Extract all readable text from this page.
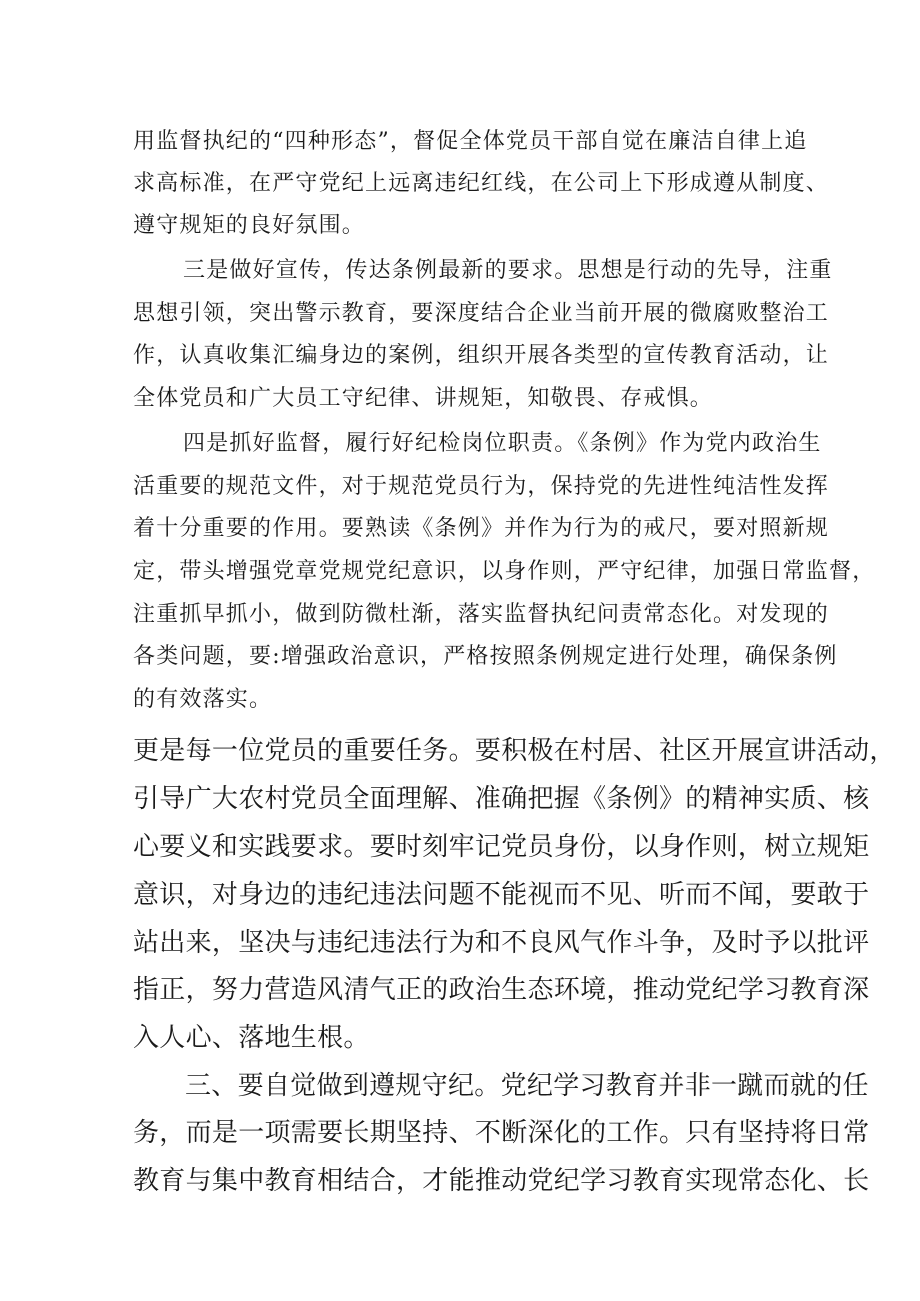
用监督执纪的“四种形态”，督促全体党员干部自觉在廉洁自律上追

求高标准，在严守党纪上远离违纪红线，在公司上下形成遵从制度、

遵守规矩的良好氛围。

三是做好宣传，传达条例最新的要求。思想是行动的先导，注重

思想引领，突出警示教育，要深度结合企业当前开展的微腐败整治工

作，认真收集汇编身边的案例，组织开展各类型的宣传教育活动，让

全体党员和广大员工守纪律、讲规矩，知敬畏、存戒惧。

四是抓好监督，履行好纪检岗位职责。《条例》作为党内政治生

活重要的规范文件，对于规范党员行为，保持党的先进性纯洁性发挥

着十分重要的作用。要熟读《条例》并作为行为的戒尺，要对照新规

定，带头增强党章党规党纪意识，以身作则，严守纪律，加强日常监督，

注重抓早抓小，做到防微杜渐，落实监督执纪问责常态化。对发现的

各类问题，要:增强政治意识，严格按照条例规定进行处理，确保条例

的有效落实。

更是每一位党员的重要任务。要积极在村居、社区开展宣讲活动，

引导广大农村党员全面理解、准确把握《条例》的精神实质、核

心要义和实践要求。要时刻牢记党员身份，以身作则，树立规矩

意识，对身边的违纪违法问题不能视而不见、听而不闻，要敢于

站出来，坚决与违纪违法行为和不良风气作斗争，及时予以批评

指正，努力营造风清气正的政治生态环境，推动党纪学习教育深

入人心、落地生根。

三、要自觉做到遵规守纪。党纪学习教育并非一蹴而就的任

务，而是一项需要长期坚持、不断深化的工作。只有坚持将日常

教育与集中教育相结合，才能推动党纪学习教育实现常态化、长
